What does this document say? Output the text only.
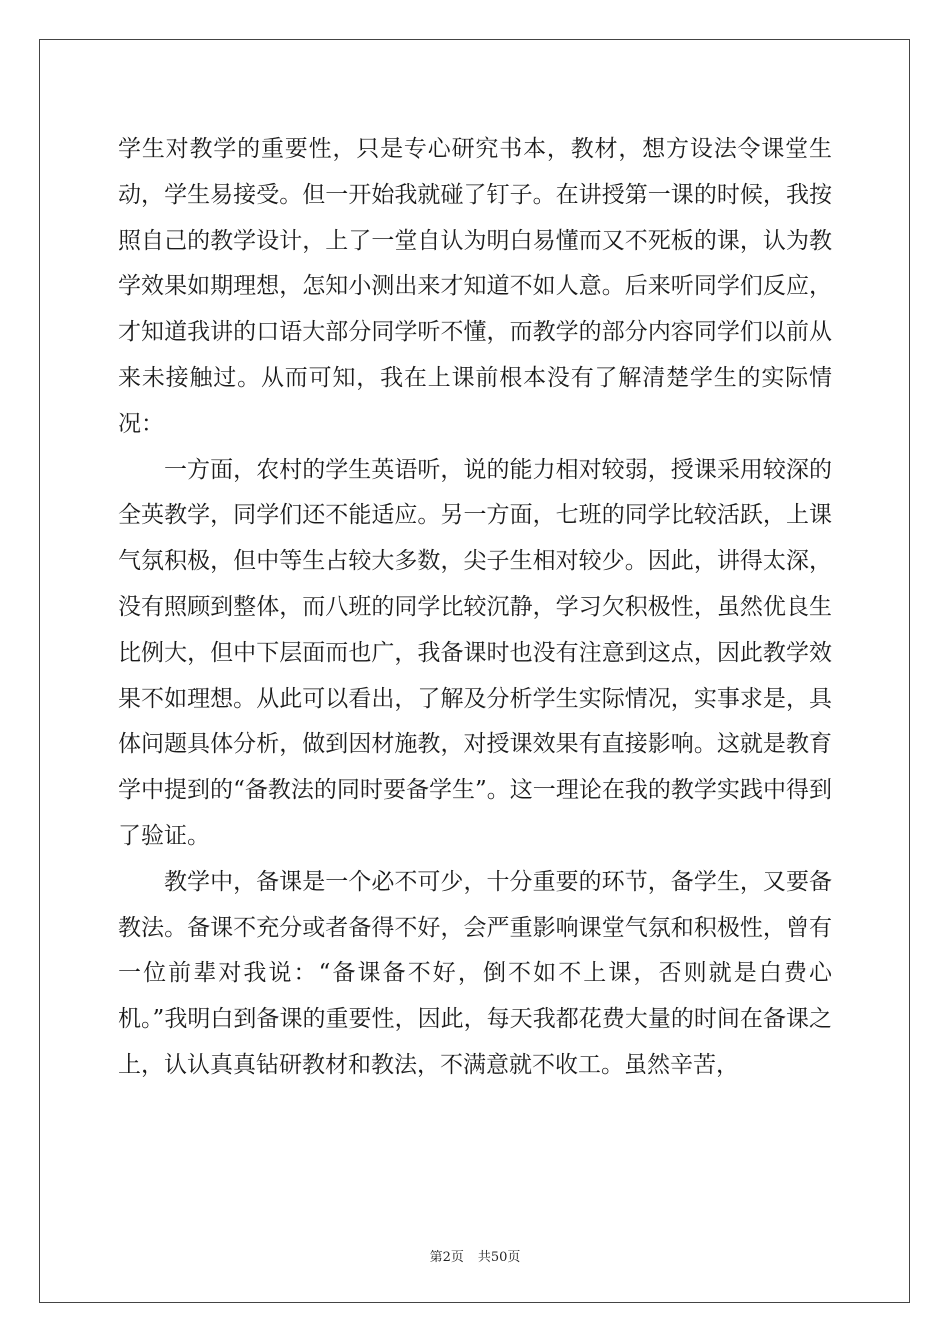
学生对教学的重要性，只是专心研究书本，教材，想方设法令课堂生动，学生易接受。但一开始我就碰了钉子。在讲授第一课的时候，我按照自己的教学设计，上了一堂自认为明白易懂而又不死板的课，认为教学效果如期理想，怎知小测出来才知道不如人意。后来听同学们反应，才知道我讲的口语大部分同学听不懂，而教学的部分内容同学们以前从来未接触过。从而可知，我在上课前根本没有了解清楚学生的实际情况：

一方面，农村的学生英语听，说的能力相对较弱，授课采用较深的全英教学，同学们还不能适应。另一方面，七班的同学比较活跃，上课气氛积极，但中等生占较大多数，尖子生相对较少。因此，讲得太深，没有照顾到整体，而八班的同学比较沉静，学习欠积极性，虽然优良生比例大，但中下层面而也广，我备课时也没有注意到这点，因此教学效果不如理想。从此可以看出，了解及分析学生实际情况，实事求是，具体问题具体分析，做到因材施教，对授课效果有直接影响。这就是教育学中提到的“备教法的同时要备学生”。这一理论在我的教学实践中得到了验证。

教学中，备课是一个必不可少，十分重要的环节，备学生，又要备教法。备课不充分或者备得不好，会严重影响课堂气氛和积极性，曾有一位前辈对我说：“备课备不好，倒不如不上课，否则就是白费心机。”我明白到备课的重要性，因此，每天我都花费大量的时间在备课之上，认认真真钻研教材和教法，不满意就不收工。虽然辛苦，

第2页 共50页
